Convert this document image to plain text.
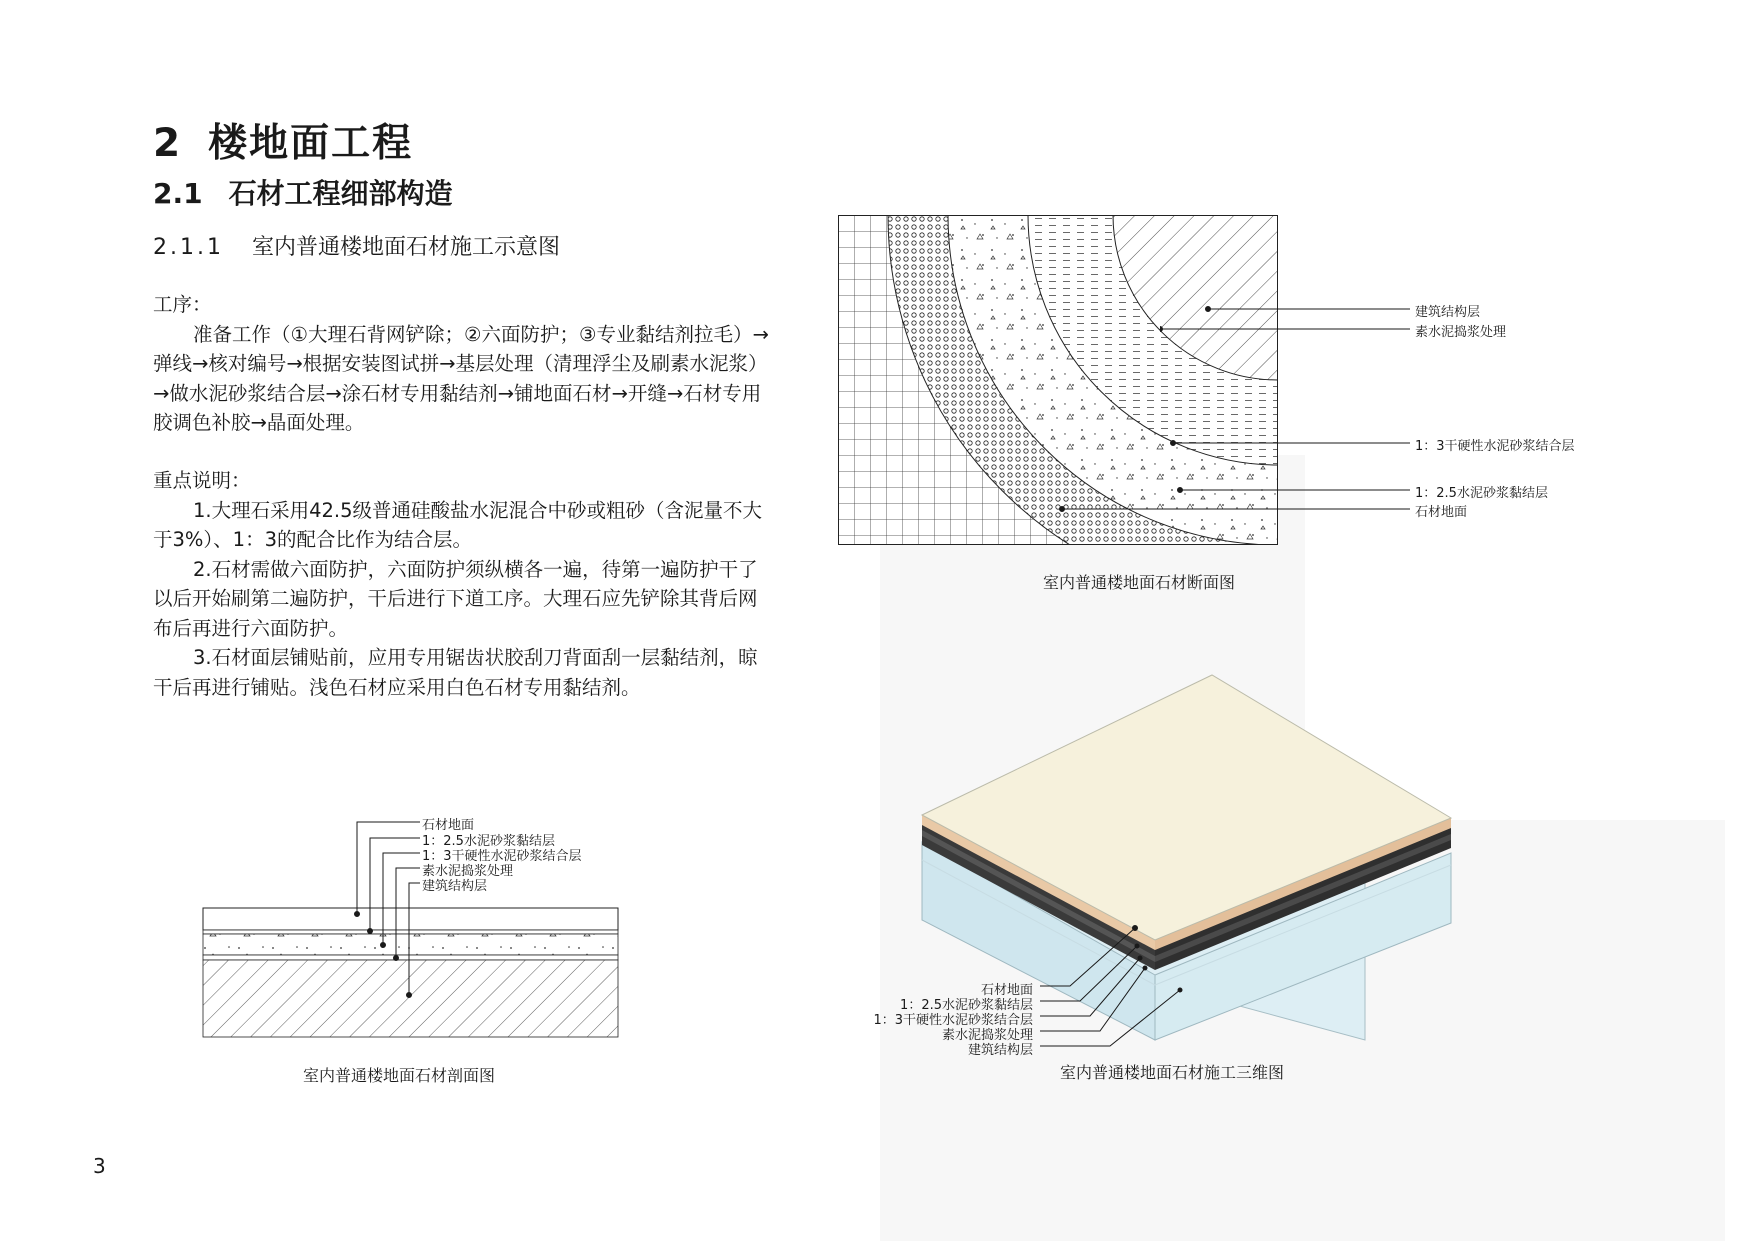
2 楼地面工程
2.1 石材工程细部构造
2.1.1 室内普通楼地面石材施工示意图

工序：

准备工作（①大理石背网铲除；②六面防护；③专业黏结剂拉毛）→弹线→核对编号→根据安装图试拼→基层处理（清理浮尘及刷素水泥浆）→做水泥砂浆结合层→涂石材专用黏结剂→铺地面石材→开缝→石材专用胶调色补胶→晶面处理。

重点说明：

1.大理石采用42.5级普通硅酸盐水泥混合中砂或粗砂（含泥量不大于3%）、1：3的配合比作为结合层。

2.石材需做六面防护，六面防护须纵横各一遍，待第一遍防护干了以后开始刷第二遍防护，干后进行下道工序。大理石应先铲除其背后网布后再进行六面防护。

3.石材面层铺贴前，应用专用锯齿状胶刮刀背面刮一层黏结剂，晾干后再进行铺贴。浅色石材应采用白色石材专用黏结剂。

建筑结构层
素水泥捣浆处理
1：3干硬性水泥砂浆结合层
1：2.5水泥砂浆黏结层
石材地面
室内普通楼地面石材断面图
石材地面
1：2.5水泥砂浆黏结层
1：3干硬性水泥砂浆结合层
素水泥捣浆处理
建筑结构层
室内普通楼地面石材施工三维图
石材地面
1：2.5水泥砂浆黏结层
1：3干硬性水泥砂浆结合层
素水泥捣浆处理
建筑结构层
室内普通楼地面石材剖面图
3
